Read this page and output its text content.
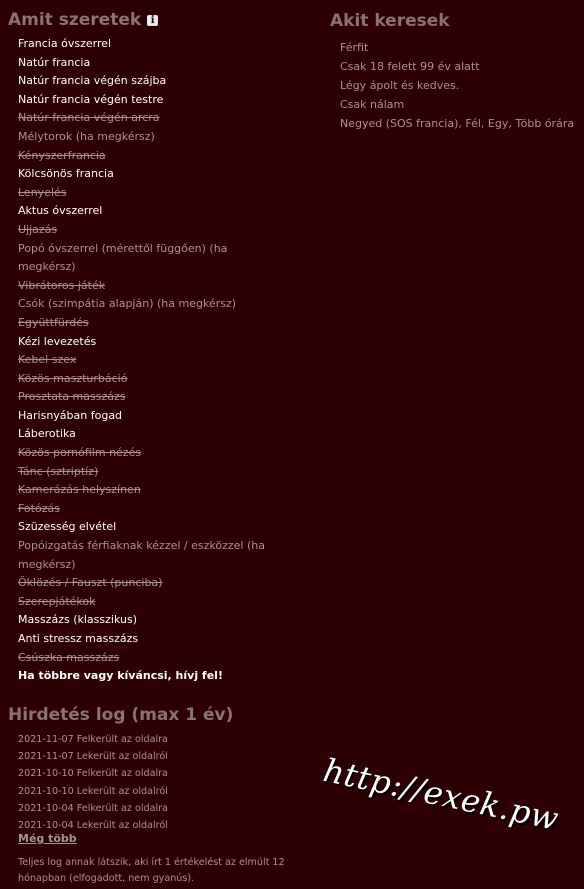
Amit szeretek i
Francia óvszerrel
Natúr francia
Natúr francia végén szájba
Natúr francia végén testre
Natúr francia végén arcra
Mélytorok (ha megkérsz)
Kényszerfrancia
Kölcsönös francia
Lenyelés
Aktus óvszerrel
Ujjazás
Popó óvszerrel (mérettől függően) (ha megkérsz)
Vibrátoros játék
Csók (szimpátia alapján) (ha megkérsz)
Együttfürdés
Kézi levezetés
Kebel szex
Közös maszturbáció
Prosztata masszázs
Harisnyában fogad
Láberotika
Közös pornófilm nézés
Tánc (sztriptíz)
Kamerázás helyszínen
Fotózás
Szüzesség elvétel
Popóizgatás férfiaknak kézzel / eszközzel (ha megkérsz)
Öklözés / Fauszt (punciba)
Szerepjátékok
Masszázs (klasszikus)
Anti stressz masszázs
Csúszka masszázs
Ha többre vagy kíváncsi, hívj fel!
Akit keresek
Férfit
Csak 18 felett 99 év alatt
Légy ápolt és kedves.
Csak nálam
Negyed (SOS francia), Fél, Egy, Több órára
Hirdetés log (max 1 év)
2021-11-07 Felkerült az oldalra
2021-11-07 Lekerült az oldalról
2021-10-10 Felkerült az oldalra
2021-10-10 Lekerült az oldalról
2021-10-04 Felkerült az oldalra
2021-10-04 Lekerült az oldalról
Még több

Teljes log annak látszik, aki írt 1 értékelést az elmúlt 12 hónapban (elfogadott, nem gyanús).

http://exek.pw
